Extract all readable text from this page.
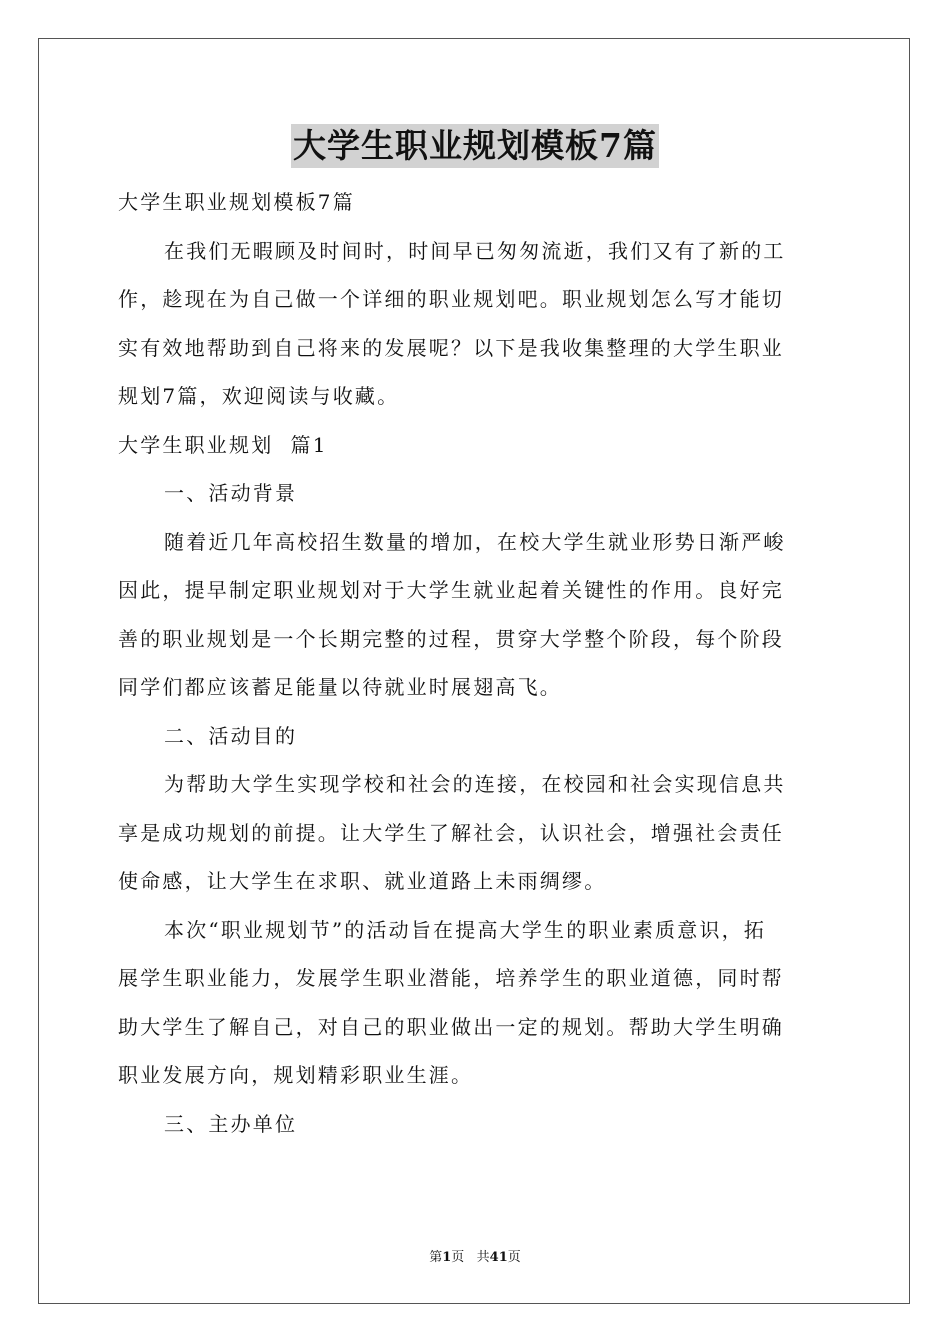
大学生职业规划模板7篇
大学生职业规划模板7篇
在我们无暇顾及时间时，时间早已匆匆流逝，我们又有了新的工
作，趁现在为自己做一个详细的职业规划吧。职业规划怎么写才能切
实有效地帮助到自己将来的发展呢？以下是我收集整理的大学生职业
规划7篇，欢迎阅读与收藏。
大学生职业规划  篇1
一、活动背景
随着近几年高校招生数量的增加，在校大学生就业形势日渐严峻
因此，提早制定职业规划对于大学生就业起着关键性的作用。良好完
善的职业规划是一个长期完整的过程，贯穿大学整个阶段，每个阶段
同学们都应该蓄足能量以待就业时展翅高飞。
二、活动目的
为帮助大学生实现学校和社会的连接，在校园和社会实现信息共
享是成功规划的前提。让大学生了解社会，认识社会，增强社会责任
使命感，让大学生在求职、就业道路上未雨绸缪。
本次“职业规划节”的活动旨在提高大学生的职业素质意识，拓
展学生职业能力，发展学生职业潜能，培养学生的职业道德，同时帮
助大学生了解自己，对自己的职业做出一定的规划。帮助大学生明确
职业发展方向，规划精彩职业生涯。
三、主办单位
第1页   共41页
